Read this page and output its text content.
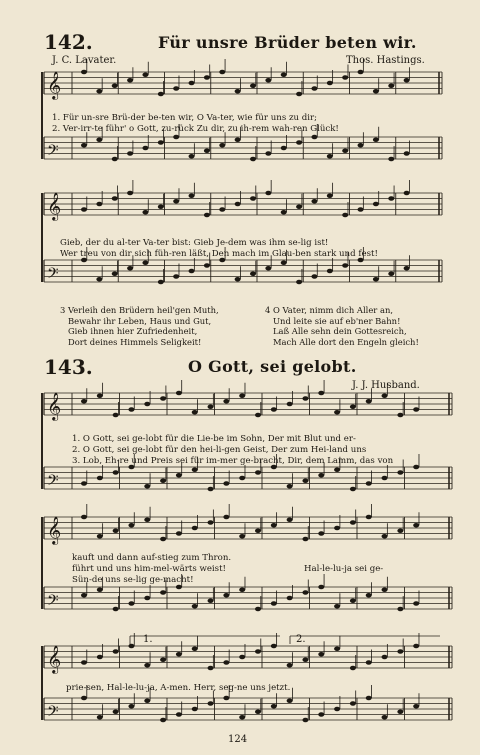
142.	Für unsre Brüder beten wir.
J. C. Lavater.	Thos. Hastings.
𝄞
𝄢
𝄞
𝄢
𝄞
𝄢
𝄞
𝄢
𝄞
𝄢
1. Für un-sre Brü-der be-ten wir, O Va-ter, wie für uns zu dir;
2. Ver-irr-te führ' o Gott, zu-rück Zu dir, zu ih-rem wah-ren Glück!
Gieb, der du al-ter Va-ter bist: Gieb Je-dem was ihm se-lig ist!
Wer treu von dir sich füh-ren läßt, Den mach im Glau-ben stark und fest!
3 Verleih den Brüdern heil'gen Muth,
Bewahr ihr Leben, Haus und Gut,
Gieb ihnen hier Zufriedenheit,
Dort deines Himmels Seligkeit!
4 O Vater, nimm dich Aller an,
Und leite sie auf eb'ner Bahn!
Laß Alle sehn dein Gottesreich,
Mach Alle dort den Engeln gleich!
143.	O Gott, sei gelobt.
J. J. Husband.
1. O Gott, sei ge-lobt für die Lie-be im Sohn, Der mit Blut und er-
2. O Gott, sei ge-lobt für den hei-li-gen Geist, Der zum Hei-land uns
3. Lob, Eh-re und Preis sei für im-mer ge-bracht, Dir, dem Lamm, das von
kauft und dann auf-stieg zum Thron.
führt und uns him-mel-wärts weist!
Sün-de uns se-lig ge-macht!
Hal-le-lu-ja sei ge-
1.	2.
prie-sen, Hal-le-lu-ja, A-men. Herr, seg-ne uns jetzt.
124
